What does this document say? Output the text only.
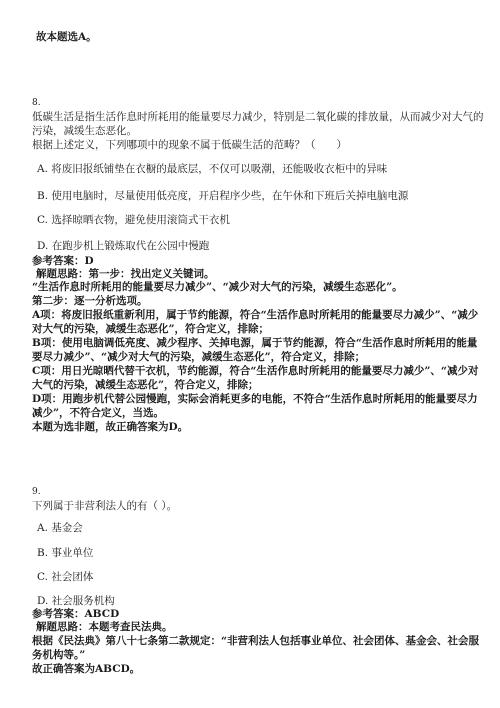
故本题选A。
8.
低碳生活是指生活作息时所耗用的能量要尽力减少，特别是二氧化碳的排放量，从而减少对大气的
污染，减缓生态恶化。
根据上述定义，下列哪项中的现象不属于低碳生活的范畴？（　　）
A. 将废旧报纸铺垫在衣橱的最底层，不仅可以吸潮，还能吸收衣柜中的异味
B. 使用电脑时，尽量使用低亮度，开启程序少些，在午休和下班后关掉电脑电源
C. 选择晾晒衣物，避免使用滚筒式干衣机
D. 在跑步机上锻炼取代在公园中慢跑
参考答案：D
解题思路：第一步：找出定义关键词。
“生活作息时所耗用的能量要尽力减少”、“减少对大气的污染，减缓生态恶化”。
第二步：逐一分析选项。
A项：将废旧报纸重新利用，属于节约能源，符合“生活作息时所耗用的能量要尽力减少”、“减少
对大气的污染，减缓生态恶化”，符合定义，排除；
B项：使用电脑调低亮度、减少程序、关掉电源，属于节约能源，符合“生活作息时所耗用的能量
要尽力减少”、“减少对大气的污染，减缓生态恶化”，符合定义，排除；
C项：用日光晾晒代替干衣机，节约能源，符合“生活作息时所耗用的能量要尽力减少”、“减少对
大气的污染，减缓生态恶化”，符合定义，排除；
D项：用跑步机代替公园慢跑，实际会消耗更多的电能，不符合“生活作息时所耗用的能量要尽力
减少”，不符合定义，当选。
本题为选非题，故正确答案为D。
9.
下列属于非营利法人的有（ ）。
A. 基金会
B. 事业单位
C. 社会团体
D. 社会服务机构
参考答案：ABCD
解题思路：本题考查民法典。
根据《民法典》第八十七条第二款规定：“非营利法人包括事业单位、社会团体、基金会、社会服
务机构等。”
故正确答案为ABCD。
